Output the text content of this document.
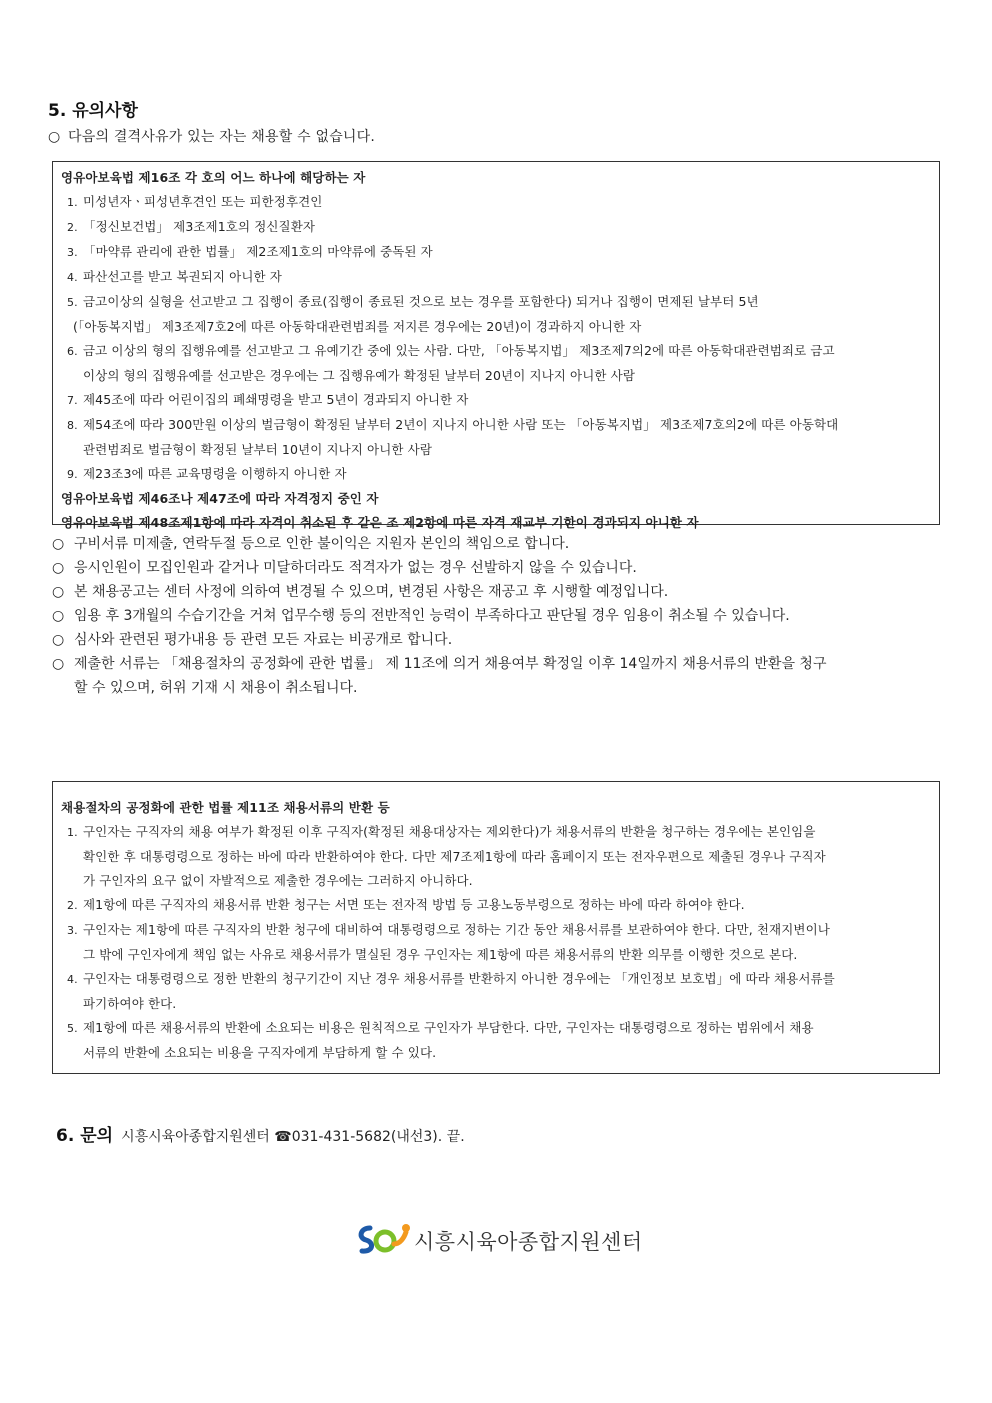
5. 유의사항
○ 다음의 결격사유가 있는 자는 채용할 수 없습니다.
영유아보육법 제16조 각 호의 어느 하나에 해당하는 자
1. 미성년자ㆍ피성년후견인 또는 피한정후견인
2. 「정신보건법」 제3조제1호의 정신질환자
3. 「마약류 관리에 관한 법률」 제2조제1호의 마약류에 중독된 자
4. 파산선고를 받고 복권되지 아니한 자
5. 금고이상의 실형을 선고받고 그 집행이 종료(집행이 종료된 것으로 보는 경우를 포함한다) 되거나 집행이 면제된 날부터 5년
(「아동복지법」 제3조제7호2에 따른 아동학대관련범죄를 저지른 경우에는 20년)이 경과하지 아니한 자
6. 금고 이상의 형의 집행유예를 선고받고 그 유예기간 중에 있는 사람. 다만, 「아동복지법」 제3조제7의2에 따른 아동학대관련범죄로 금고
이상의 형의 집행유예를 선고받은 경우에는 그 집행유예가 확정된 날부터 20년이 지나지 아니한 사람
7. 제45조에 따라 어린이집의 폐쇄명령을 받고 5년이 경과되지 아니한 자
8. 제54조에 따라 300만원 이상의 벌금형이 확정된 날부터 2년이 지나지 아니한 사람 또는 「아동복지법」 제3조제7호의2에 따른 아동학대
관련범죄로 벌금형이 확정된 날부터 10년이 지나지 아니한 사람
9. 제23조3에 따른 교육명령을 이행하지 아니한 자
영유아보육법 제46조나 제47조에 따라 자격정지 중인 자
영유아보육법 제48조제1항에 따라 자격이 취소된 후 같은 조 제2항에 따른 자격 재교부 기한이 경과되지 아니한 자
○ 구비서류 미제출, 연락두절 등으로 인한 불이익은 지원자 본인의 책임으로 합니다.
○ 응시인원이 모집인원과 같거나 미달하더라도 적격자가 없는 경우 선발하지 않을 수 있습니다.
○ 본 채용공고는 센터 사정에 의하여 변경될 수 있으며, 변경된 사항은 재공고 후 시행할 예정입니다.
○ 임용 후 3개월의 수습기간을 거쳐 업무수행 등의 전반적인 능력이 부족하다고 판단될 경우 임용이 취소될 수 있습니다.
○ 심사와 관련된 평가내용 등 관련 모든 자료는 비공개로 합니다.
○ 제출한 서류는 「채용절차의 공정화에 관한 법률」 제 11조에 의거 채용여부 확정일 이후 14일까지 채용서류의 반환을 청구
할 수 있으며, 허위 기재 시 채용이 취소됩니다.
채용절차의 공정화에 관한 법률 제11조 채용서류의 반환 등
1. 구인자는 구직자의 채용 여부가 확정된 이후 구직자(확정된 채용대상자는 제외한다)가 채용서류의 반환을 청구하는 경우에는 본인임을
확인한 후 대통령령으로 정하는 바에 따라 반환하여야 한다. 다만 제7조제1항에 따라 홈페이지 또는 전자우편으로 제출된 경우나 구직자
가 구인자의 요구 없이 자발적으로 제출한 경우에는 그러하지 아니하다.
2. 제1항에 따른 구직자의 채용서류 반환 청구는 서면 또는 전자적 방법 등 고용노동부령으로 정하는 바에 따라 하여야 한다.
3. 구인자는 제1항에 따른 구직자의 반환 청구에 대비하여 대통령령으로 정하는 기간 동안 채용서류를 보관하여야 한다. 다만, 천재지변이나
그 밖에 구인자에게 책임 없는 사유로 채용서류가 멸실된 경우 구인자는 제1항에 따른 채용서류의 반환 의무를 이행한 것으로 본다.
4. 구인자는 대통령령으로 정한 반환의 청구기간이 지난 경우 채용서류를 반환하지 아니한 경우에는 「개인정보 보호법」에 따라 채용서류를
파기하여야 한다.
5. 제1항에 따른 채용서류의 반환에 소요되는 비용은 원칙적으로 구인자가 부담한다. 다만, 구인자는 대통령령으로 정하는 범위에서 채용
서류의 반환에 소요되는 비용을 구직자에게 부담하게 할 수 있다.
6. 문의 시흥시육아종합지원센터 ☎031-431-5682(내선3). 끝.
시흥시육아종합지원센터
